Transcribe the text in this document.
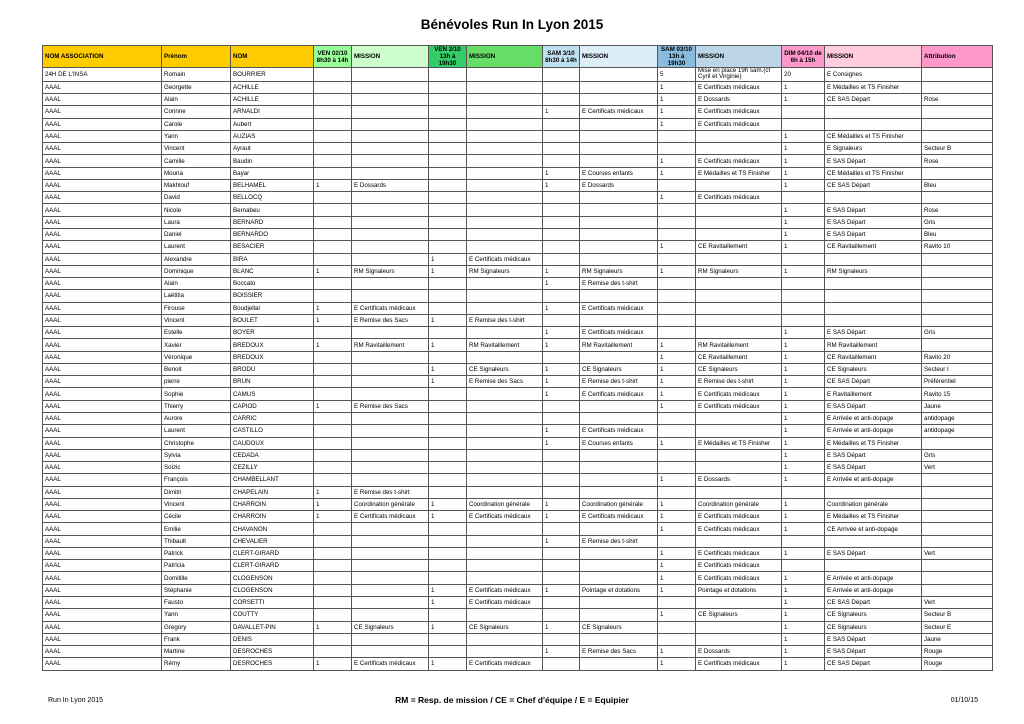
Bénévoles Run In Lyon 2015
NOM ASSOCIATION	Prénom	NOM	VEN 02/10 8h30 à 14h	MISSION	VEN 2/10 13h à 19h30	MISSION	SAM 3/10 8h30 à 14h	MISSION	SAM 03/10 13h à 19h30	MISSION	DIM 04/10 de 6h à 15h	MISSION	Attribution
24H DE L'INSA	Romain	BOURRIER							5	Mise en place 19h sam.(cf Cyril et Virginie)	20	E Consignes	
AAAL	Georgette	ACHILLE							1	E Certificats médicaux	1	E Médailles et TS Finisher	
AAAL	Alain	ACHILLE							1	E Dossards	1	CE SAS Départ	Rose
AAAL	Corinne	ARNALDI					1	E Certificats médicaux	1	E Certificats médicaux			
AAAL	Carole	Aubert							1	E Certificats médicaux			
AAAL	Yann	AUZIAS									1	CE Médailles et TS Finisher	
AAAL	Vincent	Ayraut									1	E Signaleurs	Secteur B
AAAL	Camille	Baudin							1	E Certificats médicaux	1	E SAS Départ	Rose
AAAL	Mouna	Bayar					1	E Courses enfants	1	E Médailles et TS Finisher	1	CE Médailles et TS Finisher	
AAAL	Makhlouf	BELHAMEL	1	E Dossards			1	E Dossards			1	CE SAS Départ	Bleu
AAAL	David	BELLOCQ							1	E Certificats médicaux			
AAAL	Nicole	Bernabeu									1	E SAS Départ	Rose
AAAL	Laura	BERNARD									1	E SAS Départ	Gris
AAAL	Daniel	BERNARDO									1	E SAS Départ	Bleu
AAAL	Laurent	BESACIER							1	CE Ravitaillement	1	CE Ravitaillement	Ravito 10
AAAL	Alexandre	BIRA			1	E Certificats médicaux							
AAAL	Dominique	BLANC	1	RM Signaleurs	1	RM Signaleurs	1	RM Signaleurs	1	RM Signaleurs	1	RM Signaleurs	
AAAL	Alain	Boccato					1	E Remise des t-shirt					
AAAL	Laëtitia	BOISSIER											
AAAL	Firouse	Boudjellal	1	E Certificats médicaux			1	E Certificats médicaux					
AAAL	Vincent	BOULET	1	E Remise des Sacs	1	E Remise des t-shirt							
AAAL	Estelle	BOYER					1	E Certificats médicaux			1	E SAS Départ	Gris
AAAL	Xavier	BREDOUX	1	RM Ravitaillement	1	RM Ravitaillement	1	RM Ravitaillement	1	RM Ravitaillement	1	RM Ravitaillement	
AAAL	Véronique	BREDOUX							1	CE Ravitaillement	1	CE Ravitaillement	Ravito 20
AAAL	Benoit	BRODU			1	CE Signaleurs	1	CE Signaleurs	1	CE Signaleurs	1	CE Signaleurs	Secteur I
AAAL	pierre	BRUN			1	E Remise des Sacs	1	E Remise des t-shirt	1	E Remise des t-shirt	1	CE SAS Départ	Préférentiel
AAAL	Sophie	CAMUS					1	E Certificats médicaux	1	E Certificats médicaux	1	E Ravitaillement	Ravito 15
AAAL	Thierry	CAPIOD	1	E Remise des Sacs					1	E Certificats médicaux	1	E SAS Départ	Jaune
AAAL	Aurore	CARRIC									1	E Arrivée et anti-dopage	antidopage
AAAL	Laurent	CASTILLO					1	E Certificats médicaux			1	E Arrivée et anti-dopage	antidopage
AAAL	Christophe	CAUDOUX					1	E Courses enfants	1	E Médailles et TS Finisher	1	E Médailles et TS Finisher	
AAAL	Sylvia	CEDADA									1	E SAS Départ	Gris
AAAL	Soizic	CEZILLY									1	E SAS Départ	Vert
AAAL	François	CHAMBELLANT							1	E Dossards	1	E Arrivée et anti-dopage	
AAAL	Dimitri	CHAPELAIN	1	E Remise des t-shirt									
AAAL	Vincent	CHARROIN	1	Coordination générale	1	Coordination générale	1	Coordination générale	1	Coordination générale	1	Coordination générale	
AAAL	Cécile	CHARROIN	1	E Certificats médicaux	1	E Certificats médicaux	1	E Certificats médicaux	1	E Certificats médicaux	1	E Médailles et TS Finisher	
AAAL	Emilie	CHAVANON							1	E Certificats médicaux	1	CE Arrivée et anti-dopage	
AAAL	Thibault	CHEVALIER					1	E Remise des t-shirt					
AAAL	Patrick	CLERT-GIRARD							1	E Certificats médicaux	1	E SAS Départ	Vert
AAAL	Patricia	CLERT-GIRARD							1	E Certificats médicaux			
AAAL	Domitille	CLOGENSON							1	E Certificats médicaux	1	E Arrivée et anti-dopage	
AAAL	Stéphanie	CLOGENSON			1	E Certificats médicaux	1	Pointage et dotations	1	Pointage et dotations	1	E Arrivée et anti-dopage	
AAAL	Fausto	CORSETTI			1	E Certificats médicaux					1	CE SAS Départ	Vert
AAAL	Yann	COUTTY							1	CE Signaleurs	1	CE Signaleurs	Secteur B
AAAL	Gregory	DAVALLET-PIN	1	CE Signaleurs	1	CE Signaleurs	1	CE Signaleurs			1	CE Signaleurs	Secteur E
AAAL	Frank	DENIS									1	E SAS Départ	Jaune
AAAL	Martine	DESROCHES					1	E Remise des Sacs	1	E Dossards	1	E SAS Départ	Rouge
AAAL	Rémy	DESROCHES	1	E Certificats médicaux	1	E Certificats médicaux			1	E Certificats médicaux	1	CE SAS Départ	Rouge
Run In Lyon 2015	RM = Resp. de mission / CE = Chef d'équipe / E = Equipier	01/10/15
